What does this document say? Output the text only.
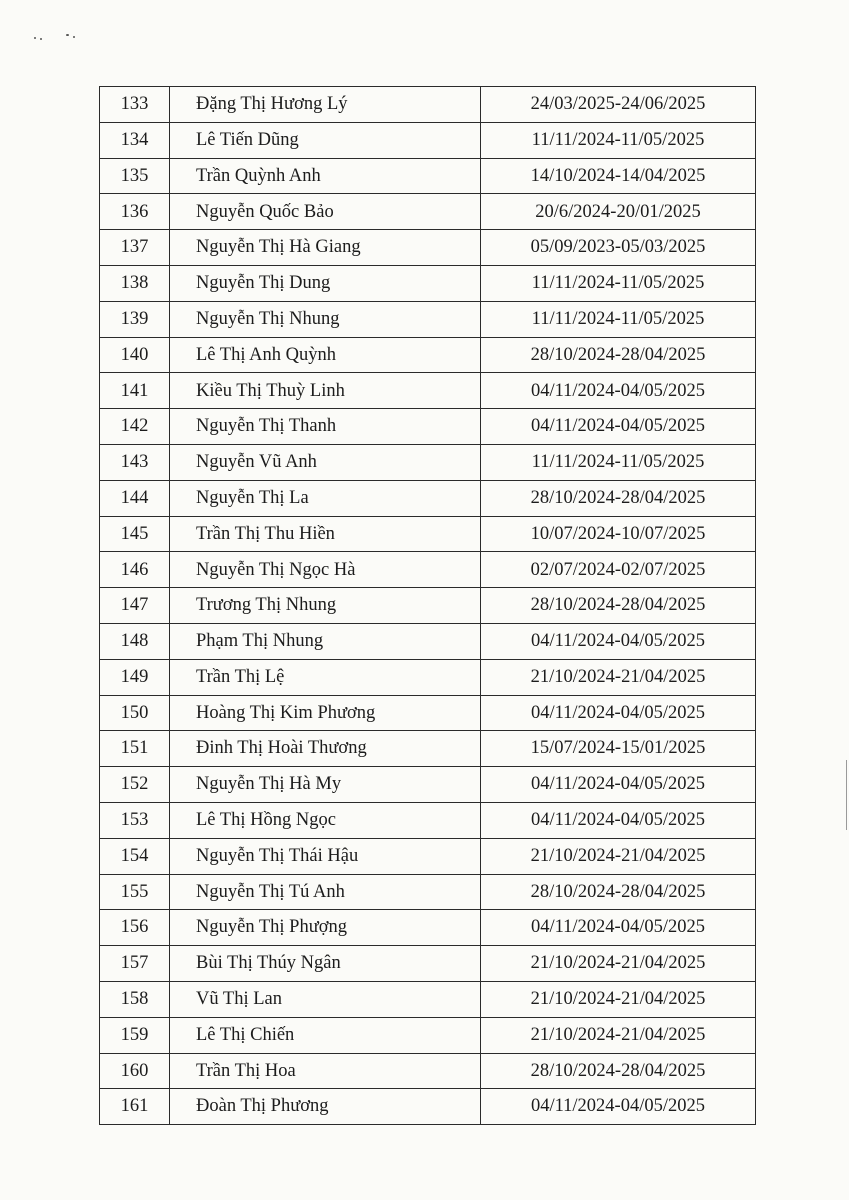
133	Đặng Thị Hương Lý	24/03/2025-24/06/2025
134	Lê Tiến Dũng	11/11/2024-11/05/2025
135	Trần Quỳnh Anh	14/10/2024-14/04/2025
136	Nguyễn Quốc Bảo	20/6/2024-20/01/2025
137	Nguyễn Thị Hà Giang	05/09/2023-05/03/2025
138	Nguyễn Thị Dung	11/11/2024-11/05/2025
139	Nguyễn Thị Nhung	11/11/2024-11/05/2025
140	Lê Thị Anh Quỳnh	28/10/2024-28/04/2025
141	Kiều Thị Thuỳ Linh	04/11/2024-04/05/2025
142	Nguyễn Thị Thanh	04/11/2024-04/05/2025
143	Nguyễn Vũ Anh	11/11/2024-11/05/2025
144	Nguyễn Thị La	28/10/2024-28/04/2025
145	Trần Thị Thu Hiền	10/07/2024-10/07/2025
146	Nguyễn Thị Ngọc Hà	02/07/2024-02/07/2025
147	Trương Thị Nhung	28/10/2024-28/04/2025
148	Phạm Thị Nhung	04/11/2024-04/05/2025
149	Trần Thị Lệ	21/10/2024-21/04/2025
150	Hoàng Thị Kim Phương	04/11/2024-04/05/2025
151	Đinh Thị Hoài Thương	15/07/2024-15/01/2025
152	Nguyễn Thị Hà My	04/11/2024-04/05/2025
153	Lê Thị Hồng Ngọc	04/11/2024-04/05/2025
154	Nguyễn Thị Thái Hậu	21/10/2024-21/04/2025
155	Nguyễn Thị Tú Anh	28/10/2024-28/04/2025
156	Nguyễn Thị Phượng	04/11/2024-04/05/2025
157	Bùi Thị Thúy Ngân	21/10/2024-21/04/2025
158	Vũ Thị Lan	21/10/2024-21/04/2025
159	Lê Thị Chiến	21/10/2024-21/04/2025
160	Trần Thị Hoa	28/10/2024-28/04/2025
161	Đoàn Thị Phương	04/11/2024-04/05/2025
